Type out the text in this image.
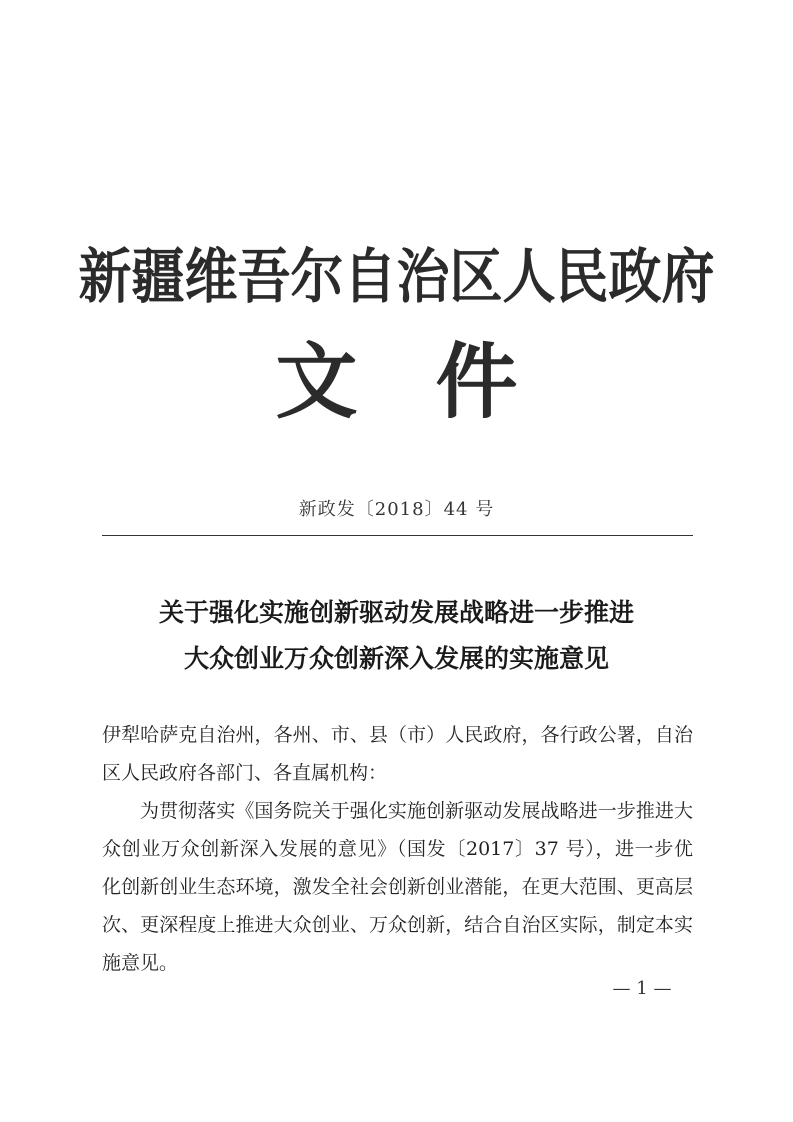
新疆维吾尔自治区人民政府
文 件
新政发〔2018〕44 号
关于强化实施创新驱动发展战略进一步推进
大众创业万众创新深入发展的实施意见

伊犁哈萨克自治州，各州、市、县（市）人民政府，各行政公署，自治区人民政府各部门、各直属机构：

为贯彻落实《国务院关于强化实施创新驱动发展战略进一步推进大众创业万众创新深入发展的意见》（国发〔2017〕37 号），进一步优化创新创业生态环境，激发全社会创新创业潜能，在更大范围、更高层次、更深程度上推进大众创业、万众创新，结合自治区实际，制定本实施意见。

— 1 —
